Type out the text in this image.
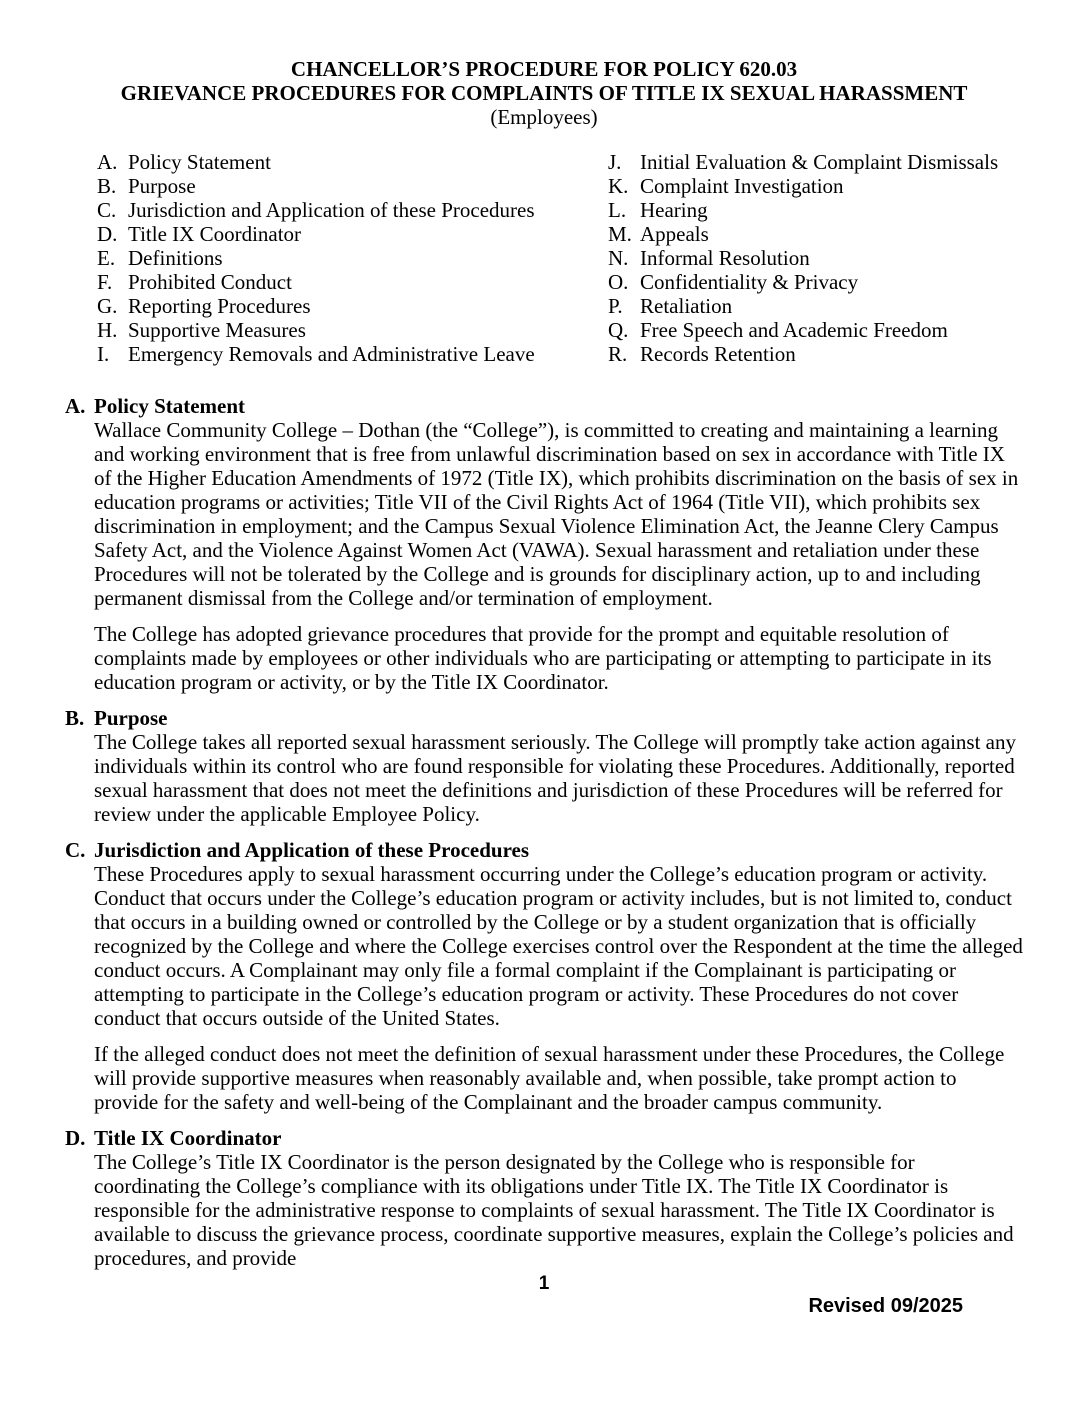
CHANCELLOR’S PROCEDURE FOR POLICY 620.03
GRIEVANCE PROCEDURES FOR COMPLAINTS OF TITLE IX SEXUAL HARASSMENT
(Employees)
A. Policy Statement
B. Purpose
C. Jurisdiction and Application of these Procedures
D. Title IX Coordinator
E. Definitions
F. Prohibited Conduct
G. Reporting Procedures
H. Supportive Measures
I. Emergency Removals and Administrative Leave
J. Initial Evaluation & Complaint Dismissals
K. Complaint Investigation
L. Hearing
M. Appeals
N. Informal Resolution
O. Confidentiality & Privacy
P. Retaliation
Q. Free Speech and Academic Freedom
R. Records Retention
A. Policy Statement

Wallace Community College – Dothan (the “College”), is committed to creating and maintaining a learning and working environment that is free from unlawful discrimination based on sex in accordance with Title IX of the Higher Education Amendments of 1972 (Title IX), which prohibits discrimination on the basis of sex in education programs or activities; Title VII of the Civil Rights Act of 1964 (Title VII), which prohibits sex discrimination in employment; and the Campus Sexual Violence Elimination Act, the Jeanne Clery Campus Safety Act, and the Violence Against Women Act (VAWA). Sexual harassment and retaliation under these Procedures will not be tolerated by the College and is grounds for disciplinary action, up to and including permanent dismissal from the College and/or termination of employment.

The College has adopted grievance procedures that provide for the prompt and equitable resolution of complaints made by employees or other individuals who are participating or attempting to participate in its education program or activity, or by the Title IX Coordinator.

B. Purpose

The College takes all reported sexual harassment seriously. The College will promptly take action against any individuals within its control who are found responsible for violating these Procedures. Additionally, reported sexual harassment that does not meet the definitions and jurisdiction of these Procedures will be referred for review under the applicable Employee Policy.

C. Jurisdiction and Application of these Procedures

These Procedures apply to sexual harassment occurring under the College’s education program or activity. Conduct that occurs under the College’s education program or activity includes, but is not limited to, conduct that occurs in a building owned or controlled by the College or by a student organization that is officially recognized by the College and where the College exercises control over the Respondent at the time the alleged conduct occurs. A Complainant may only file a formal complaint if the Complainant is participating or attempting to participate in the College’s education program or activity. These Procedures do not cover conduct that occurs outside of the United States.

If the alleged conduct does not meet the definition of sexual harassment under these Procedures, the College will provide supportive measures when reasonably available and, when possible, take prompt action to provide for the safety and well-being of the Complainant and the broader campus community.

D. Title IX Coordinator

The College’s Title IX Coordinator is the person designated by the College who is responsible for coordinating the College’s compliance with its obligations under Title IX. The Title IX Coordinator is responsible for the administrative response to complaints of sexual harassment. The Title IX Coordinator is available to discuss the grievance process, coordinate supportive measures, explain the College’s policies and procedures, and provide

1
Revised 09/2025
